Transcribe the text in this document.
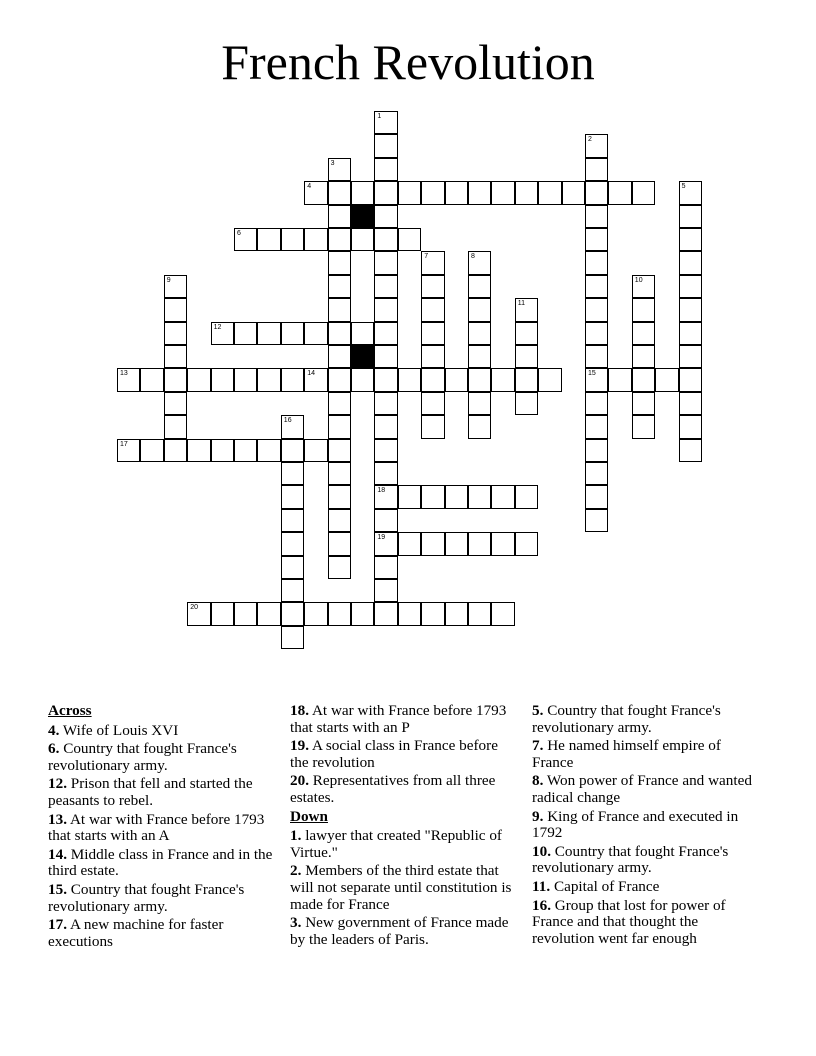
French Revolution
4
6
12
13	14	15
17
18
19
20
1
2
3
5
7	8
9	10
11
16
Across
4. Wife of Louis XVI
6. Country that fought France's revolutionary army.
12. Prison that fell and started the peasants to rebel.
13. At war with France before 1793 that starts with an A
14. Middle class in France and in the third estate.
15. Country that fought France's revolutionary army.
17. A new machine for faster executions
18. At war with France before 1793 that starts with an P
19. A social class in France before the revolution
20. Representatives from all three estates.
Down
1. lawyer that created "Republic of Virtue."
2. Members of the third estate that will not separate until constitution is made for France
3. New government of France made by the leaders of Paris.
5. Country that fought France's revolutionary army.
7. He named himself empire of France
8. Won power of France and wanted radical change
9. King of France and executed in 1792
10. Country that fought France's revolutionary army.
11. Capital of France
16. Group that lost for power of France and that thought the revolution went far enough
